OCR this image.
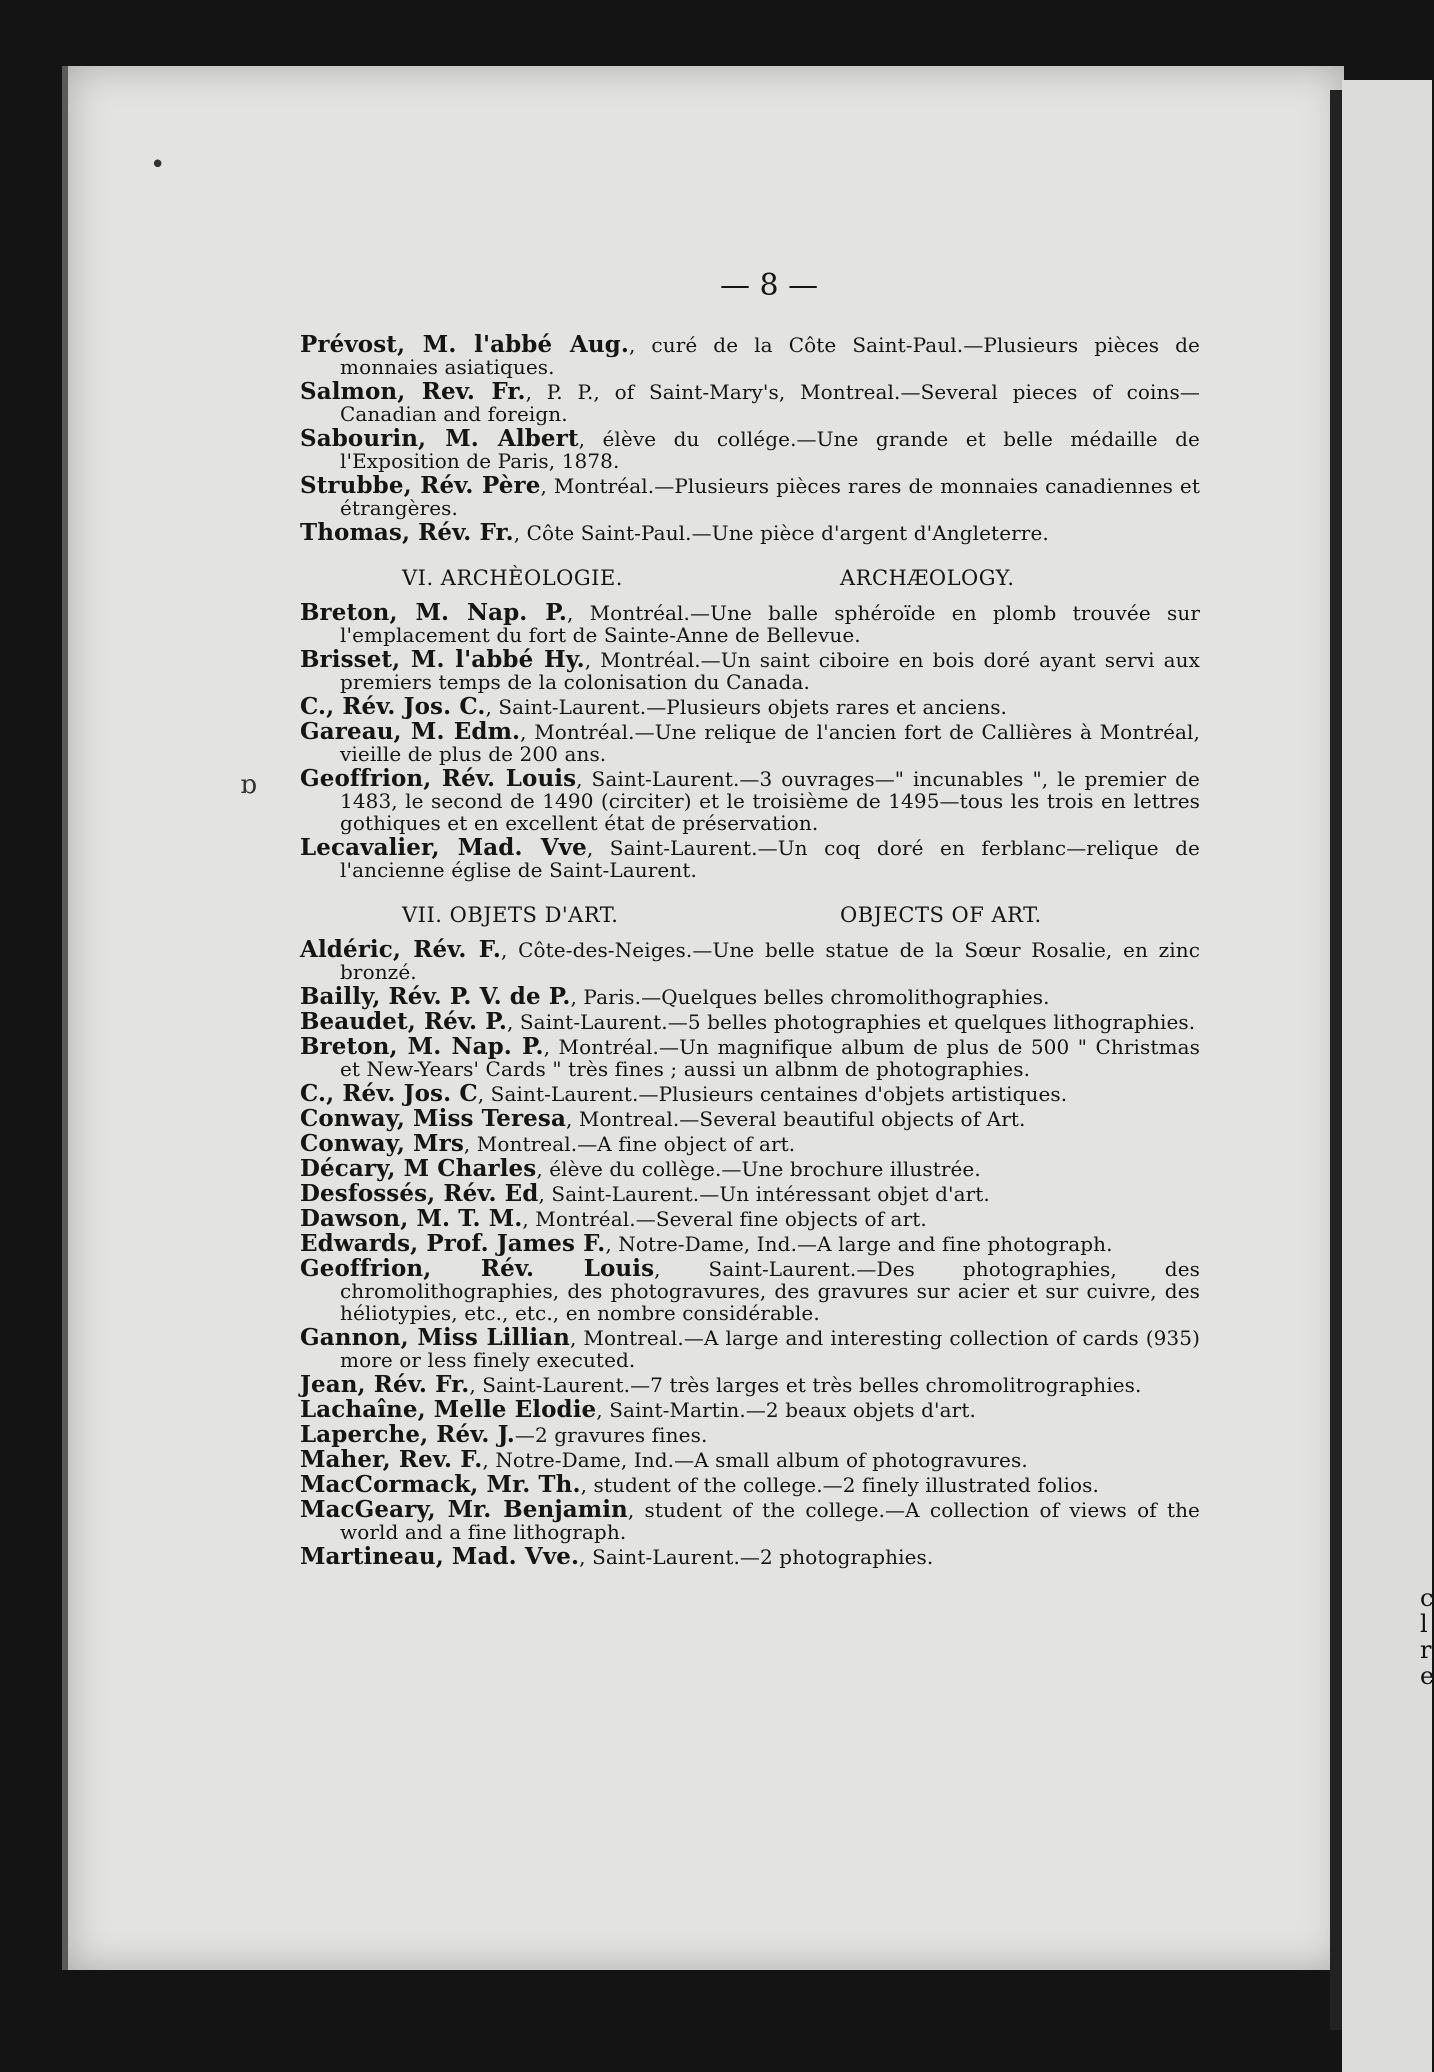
c
l
r
e
•
ɒ
— 8 —

Prévost, M. l'abbé Aug., curé de la Côte Saint-Paul.—Plusieurs pièces de monnaies asiatiques.

Salmon, Rev. Fr., P. P., of Saint-Mary's, Montreal.—Several pieces of coins—Canadian and foreign.

Sabourin, M. Albert, élève du collége.—Une grande et belle médaille de l'Exposition de Paris, 1878.

Strubbe, Rév. Père, Montréal.—Plusieurs pièces rares de monnaies canadiennes et étrangères.

Thomas, Rév. Fr., Côte Saint-Paul.—Une pièce d'argent d'Angleterre.

VI. ARCHÈOLOGIE.	ARCHÆOLOGY.

Breton, M. Nap. P., Montréal.—Une balle sphéroïde en plomb trouvée sur l'emplacement du fort de Sainte-Anne de Bellevue.

Brisset, M. l'abbé Hy., Montréal.—Un saint ciboire en bois doré ayant servi aux premiers temps de la colonisation du Canada.

C., Rév. Jos. C., Saint-Laurent.—Plusieurs objets rares et anciens.

Gareau, M. Edm., Montréal.—Une relique de l'ancien fort de Callières à Montréal, vieille de plus de 200 ans.

Geoffrion, Rév. Louis, Saint-Laurent.—3 ouvrages—" incunables ", le premier de 1483, le second de 1490 (circiter) et le troisième de 1495—tous les trois en lettres gothiques et en excellent état de préservation.

Lecavalier, Mad. Vve, Saint-Laurent.—Un coq doré en ferblanc—relique de l'ancienne église de Saint-Laurent.

VII. OBJETS D'ART.	OBJECTS OF ART.

Aldéric, Rév. F., Côte-des-Neiges.—Une belle statue de la Sœur Rosalie, en zinc bronzé.

Bailly, Rév. P. V. de P., Paris.—Quelques belles chromolithographies.

Beaudet, Rév. P., Saint-Laurent.—5 belles photographies et quelques lithographies.

Breton, M. Nap. P., Montréal.—Un magnifique album de plus de 500 " Christmas et New-Years' Cards " très fines ; aussi un albnm de photographies.

C., Rév. Jos. C, Saint-Laurent.—Plusieurs centaines d'objets artistiques.

Conway, Miss Teresa, Montreal.—Several beautiful objects of Art.

Conway, Mrs, Montreal.—A fine object of art.

Décary, M Charles, élève du collège.—Une brochure illustrée.

Desfossés, Rév. Ed, Saint-Laurent.—Un intéressant objet d'art.

Dawson, M. T. M., Montréal.—Several fine objects of art.

Edwards, Prof. James F., Notre-Dame, Ind.—A large and fine photograph.

Geoffrion, Rév. Louis, Saint-Laurent.—Des photographies, des chromolithographies, des photogravures, des gravures sur acier et sur cuivre, des héliotypies, etc., etc., en nombre considérable.

Gannon, Miss Lillian, Montreal.—A large and interesting collection of cards (935) more or less finely executed.

Jean, Rév. Fr., Saint-Laurent.—7 très larges et très belles chromolitrographies.

Lachaîne, Melle Elodie, Saint-Martin.—2 beaux objets d'art.

Laperche, Rév. J.—2 gravures fines.

Maher, Rev. F., Notre-Dame, Ind.—A small album of photogravures.

MacCormack, Mr. Th., student of the college.—2 finely illustrated folios.

MacGeary, Mr. Benjamin, student of the college.—A collection of views of the world and a fine lithograph.

Martineau, Mad. Vve., Saint-Laurent.—2 photographies.
